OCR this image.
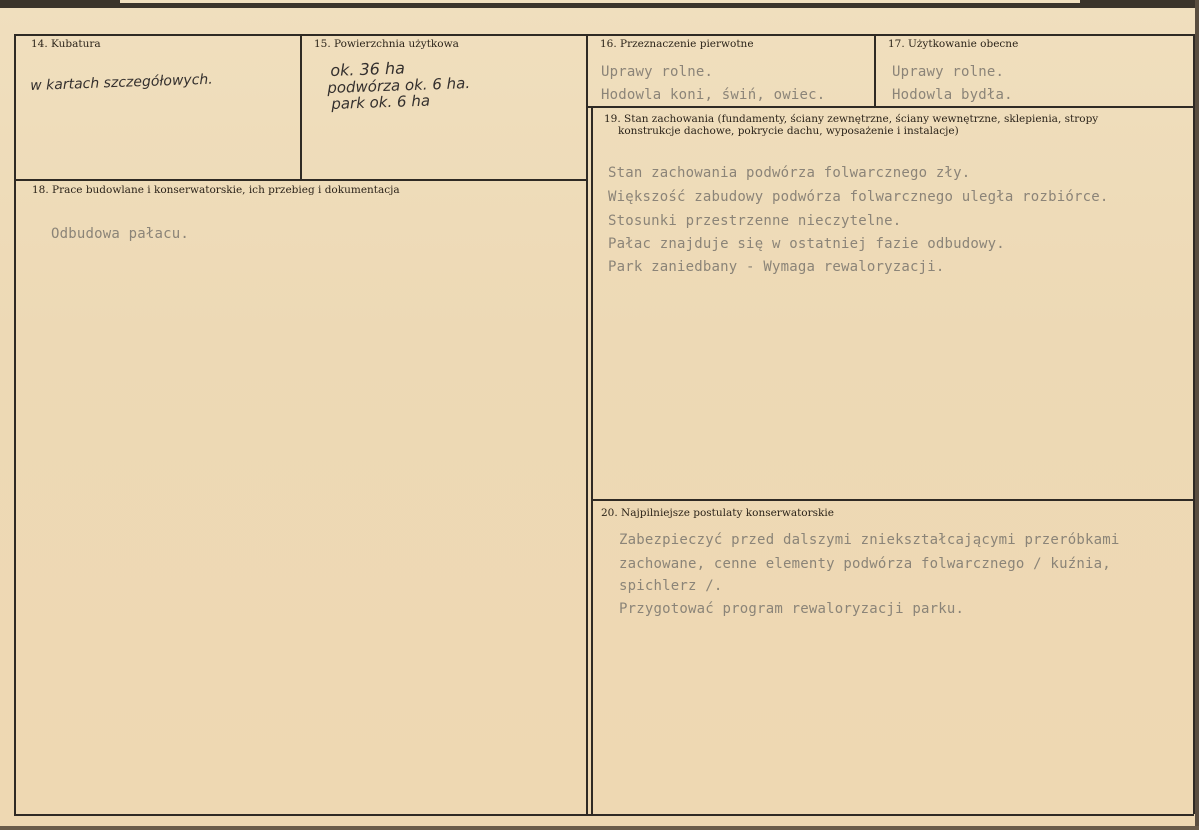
14. Kubatura
w kartach szczegółowych.
15. Powierzchnia użytkowa
ok. 36 ha
podwórza ok. 6 ha.
park ok. 6 ha
16. Przeznaczenie pierwotne
Uprawy rolne.
Hodowla koni, świń, owiec.
17. Użytkowanie obecne
Uprawy rolne.
Hodowla bydła.
18. Prace budowlane i konserwatorskie, ich przebieg i dokumentacja
Odbudowa pałacu.
19. Stan zachowania (fundamenty, ściany zewnętrzne, ściany wewnętrzne, sklepienia, stropy
konstrukcje dachowe, pokrycie dachu, wyposażenie i instalacje)
Stan zachowania podwórza folwarcznego zły.
Większość zabudowy podwórza folwarcznego uległa rozbiórce.
Stosunki przestrzenne nieczytelne.
Pałac znajduje się w ostatniej fazie odbudowy.
Park zaniedbany - Wymaga rewaloryzacji.
20. Najpilniejsze postulaty konserwatorskie
Zabezpieczyć przed dalszymi zniekształcającymi przeróbkami
zachowane, cenne elementy podwórza folwarcznego / kuźnia,
spichlerz /.
Przygotować program rewaloryzacji parku.
